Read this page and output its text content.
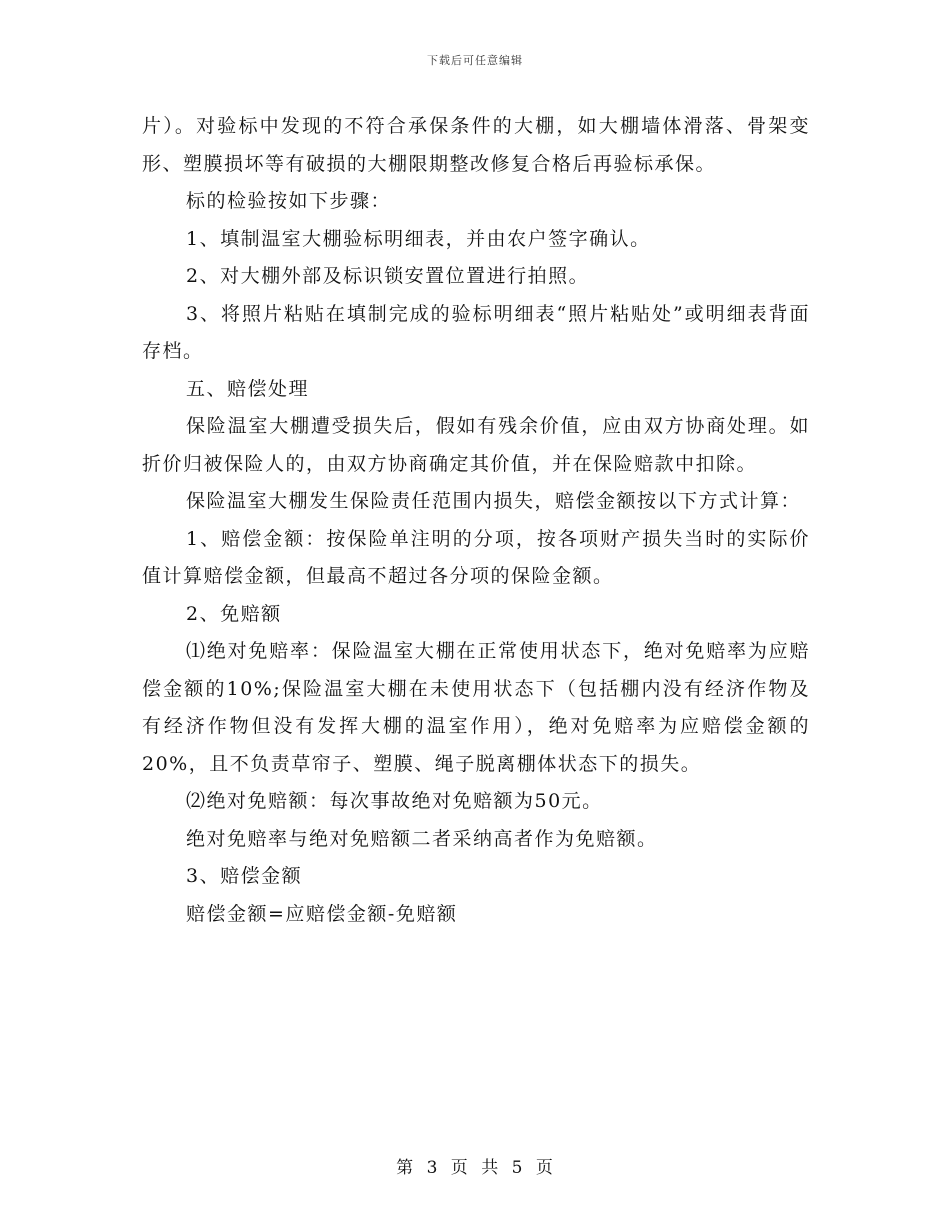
下载后可任意编辑

片）。对验标中发现的不符合承保条件的大棚，如大棚墙体滑落、骨架变形、塑膜损坏等有破损的大棚限期整改修复合格后再验标承保。

标的检验按如下步骤：

1、填制温室大棚验标明细表，并由农户签字确认。

2、对大棚外部及标识锁安置位置进行拍照。

3、将照片粘贴在填制完成的验标明细表“照片粘贴处”或明细表背面存档。

五、赔偿处理

保险温室大棚遭受损失后，假如有残余价值，应由双方协商处理。如折价归被保险人的，由双方协商确定其价值，并在保险赔款中扣除。

保险温室大棚发生保险责任范围内损失，赔偿金额按以下方式计算：

1、赔偿金额：按保险单注明的分项，按各项财产损失当时的实际价值计算赔偿金额，但最高不超过各分项的保险金额。

2、免赔额

⑴绝对免赔率：保险温室大棚在正常使用状态下，绝对免赔率为应赔偿金额的10%;保险温室大棚在未使用状态下（包括棚内没有经济作物及有经济作物但没有发挥大棚的温室作用），绝对免赔率为应赔偿金额的20%，且不负责草帘子、塑膜、绳子脱离棚体状态下的损失。

⑵绝对免赔额：每次事故绝对免赔额为50元。

绝对免赔率与绝对免赔额二者采纳高者作为免赔额。

3、赔偿金额

赔偿金额=应赔偿金额-免赔额

第 3 页 共 5 页
